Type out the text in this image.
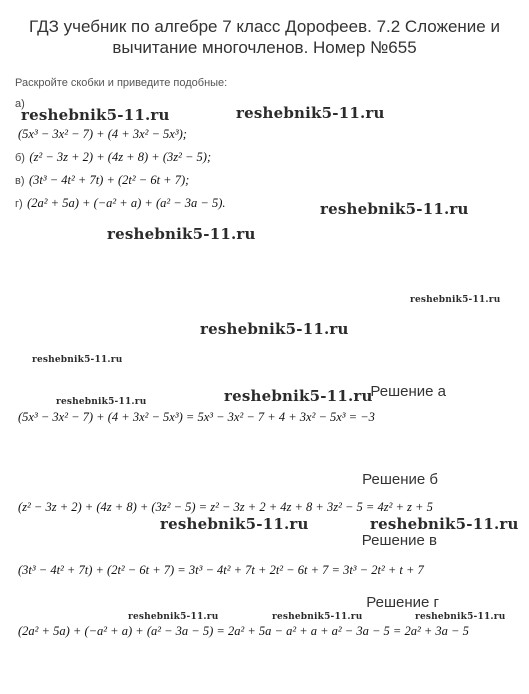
ГДЗ учебник по алгебре 7 класс Дорофеев. 7.2 Сложение и
вычитание многочленов. Номер №655
Раскройте скобки и приведите подобные:
а)
(5x³ − 3x² − 7) + (4 + 3x² − 5x³);
б) (z² − 3z + 2) + (4z + 8) + (3z² − 5);
в) (3t³ − 4t² + 7t) + (2t² − 6t + 7);
г) (2a² + 5a) + (−a² + a) + (a² − 3a − 5).
Решение а
(5x³ − 3x² − 7) + (4 + 3x² − 5x³) = 5x³ − 3x² − 7 + 4 + 3x² − 5x³ = −3
Решение б
(z² − 3z + 2) + (4z + 8) + (3z² − 5) = z² − 3z + 2 + 4z + 8 + 3z² − 5 = 4z² + z + 5
Решение в
(3t³ − 4t² + 7t) + (2t² − 6t + 7) = 3t³ − 4t² + 7t + 2t² − 6t + 7 = 3t³ − 2t² + t + 7
Решение г
(2a² + 5a) + (−a² + a) + (a² − 3a − 5) = 2a² + 5a − a² + a + a² − 3a − 5 = 2a² + 3a − 5
reshebnik5-11.ru	reshebnik5-11.ru
reshebnik5-11.ru
reshebnik5-11.ru
reshebnik5-11.ru
reshebnik5-11.ru
reshebnik5-11.ru
reshebnik5-11.ru	reshebnik5-11.ru
reshebnik5-11.ru	reshebnik5-11.ru
reshebnik5-11.ru	reshebnik5-11.ru	reshebnik5-11.ru
